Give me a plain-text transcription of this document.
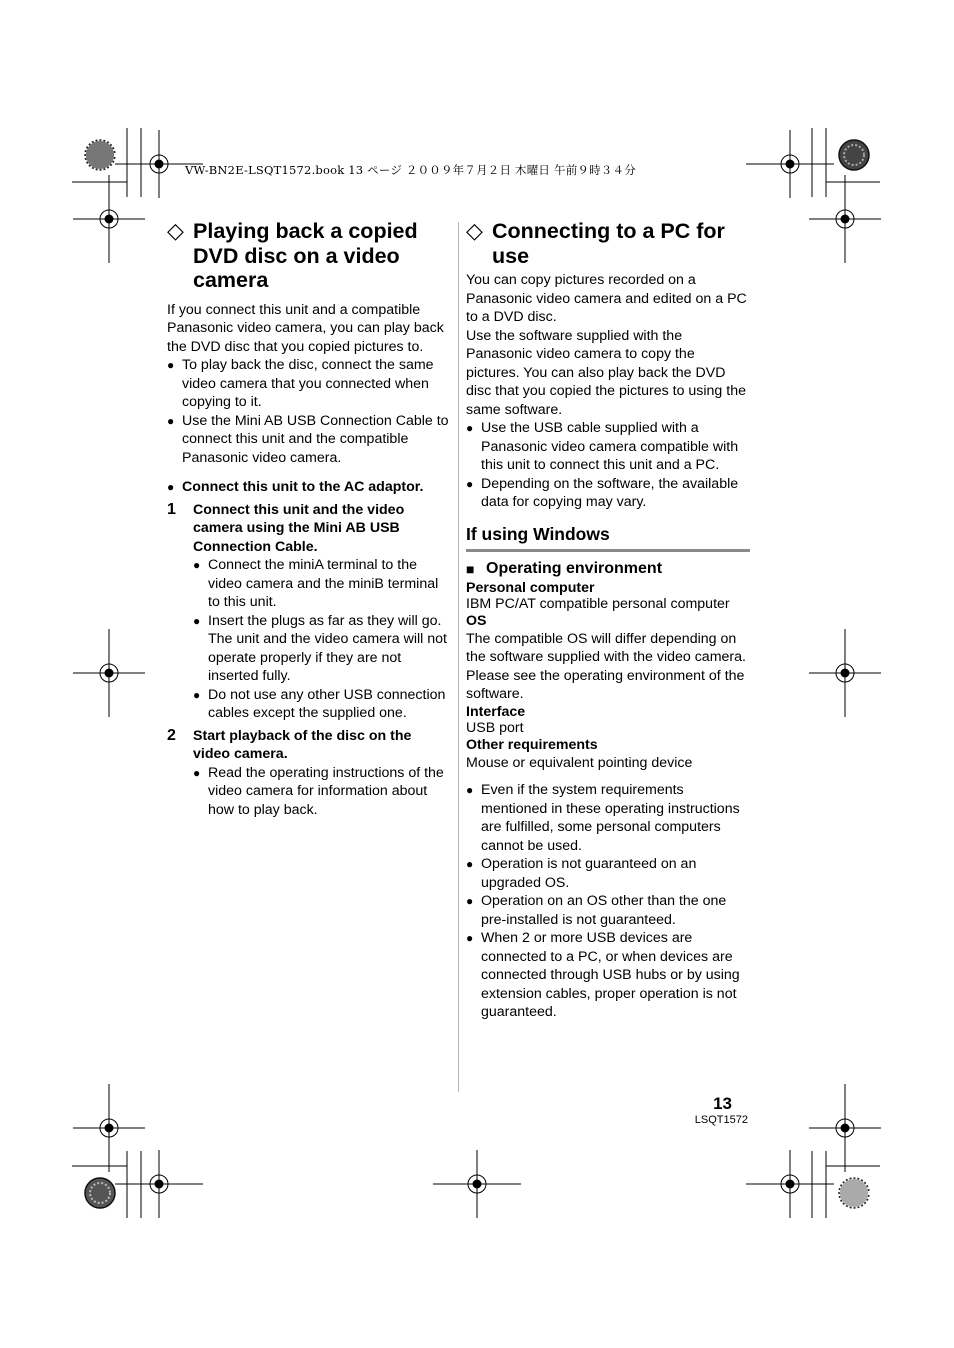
VW-BN2E-LSQT1572.book 13 ページ ２００９年７月２日 木曜日 午前９時３４分
◇ Playing back a copied DVD disc on a video camera

If you connect this unit and a compatible Panasonic video camera, you can play back the DVD disc that you copied pictures to.

● To play back the disc, connect the same video camera that you connected when copying to it.
● Use the Mini AB USB Connection Cable to connect this unit and the compatible Panasonic video camera.
● Connect this unit to the AC adaptor.
1	Connect this unit and the video camera using the Mini AB USB Connection Cable.
● Connect the miniA terminal to the video camera and the miniB terminal to this unit.
● Insert the plugs as far as they will go. The unit and the video camera will not operate properly if they are not inserted fully.
● Do not use any other USB connection cables except the supplied one.
2	Start playback of the disc on the video camera.
● Read the operating instructions of the video camera for information about how to play back.
◇ Connecting to a PC for use

You can copy pictures recorded on a Panasonic video camera and edited on a PC to a DVD disc.

Use the software supplied with the Panasonic video camera to copy the pictures. You can also play back the DVD disc that you copied the pictures to using the same software.

● Use the USB cable supplied with a Panasonic video camera compatible with this unit to connect this unit and a PC.
● Depending on the software, the available data for copying may vary.
If using Windows
■ Operating environment
Personal computer
IBM PC/AT compatible personal computer
OS
The compatible OS will differ depending on the software supplied with the video camera. Please see the operating environment of the software.
Interface
USB port
Other requirements
Mouse or equivalent pointing device
● Even if the system requirements mentioned in these operating instructions are fulfilled, some personal computers cannot be used.
● Operation is not guaranteed on an upgraded OS.
● Operation on an OS other than the one pre-installed is not guaranteed.
● When 2 or more USB devices are connected to a PC, or when devices are connected through USB hubs or by using extension cables, proper operation is not guaranteed.
13
LSQT1572
